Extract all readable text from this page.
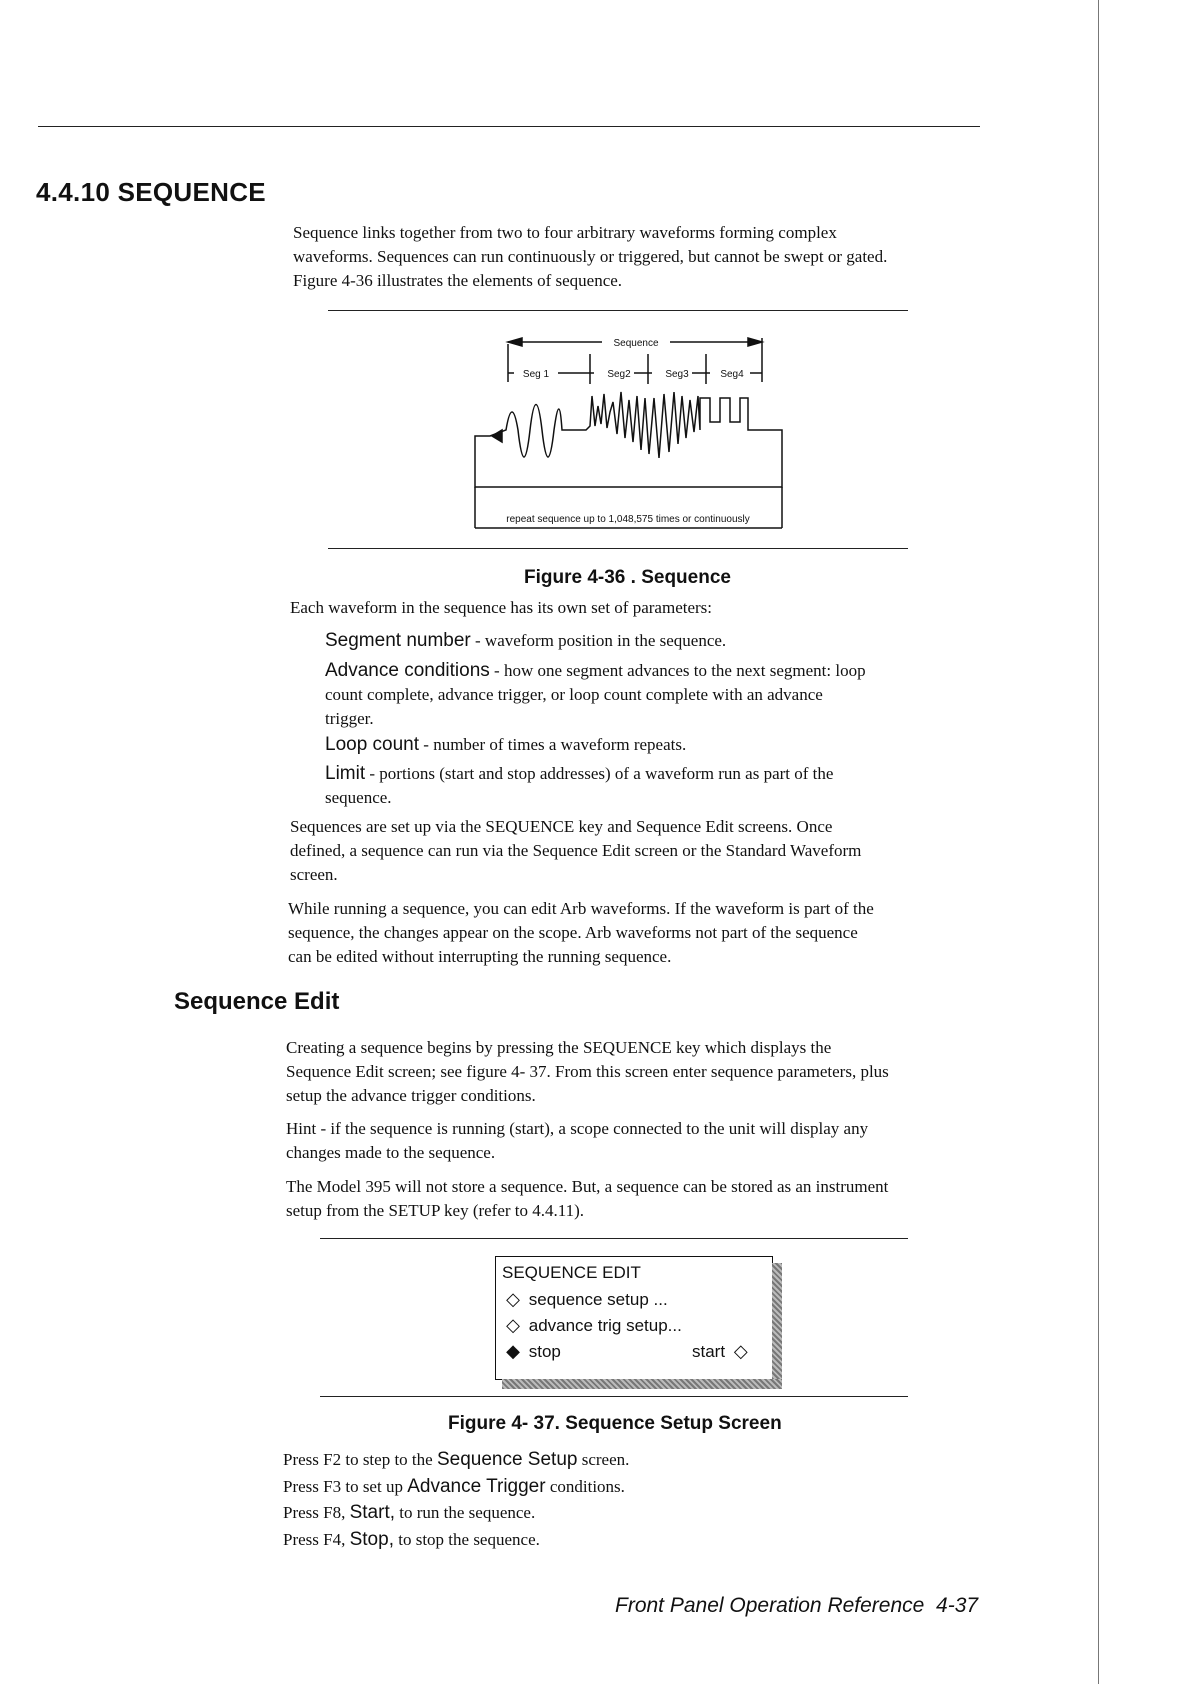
4.4.10 SEQUENCE
Sequence links together from two to four arbitrary waveforms forming complex
waveforms. Sequences can run continuously or triggered, but cannot be swept or gated.
Figure 4-36 illustrates the elements of sequence.
Sequence
Seg 1	Seg2	Seg3	Seg4
repeat sequence up to 1,048,575 times or continuously
Figure 4-36 . Sequence
Each waveform in the sequence has its own set of parameters:
Segment number - waveform position in the sequence.
Advance conditions - how one segment advances to the next segment: loop
count complete, advance trigger, or loop count complete with an advance
trigger.
Loop count - number of times a waveform repeats.
Limit - portions (start and stop addresses) of a waveform run as part of the
sequence.
Sequences are set up via the SEQUENCE key and Sequence Edit screens. Once
defined, a sequence can run via the Sequence Edit screen or the Standard Waveform
screen.
While running a sequence, you can edit Arb waveforms. If the waveform is part of the
sequence, the changes appear on the scope. Arb waveforms not part of the sequence
can be edited without interrupting the running sequence.
Sequence Edit
Creating a sequence begins by pressing the SEQUENCE key which displays the
Sequence Edit screen; see figure 4- 37. From this screen enter sequence parameters, plus
setup the advance trigger conditions.
Hint - if the sequence is running (start), a scope connected to the unit will display any
changes made to the sequence.
The Model 395 will not store a sequence. But, a sequence can be stored as an instrument
setup from the SETUP key (refer to 4.4.11).
SEQUENCE EDIT
◇ sequence setup ...
◇ advance trig setup...
◆ stop	start ◇
Figure 4- 37. Sequence Setup Screen
Press F2 to step to the Sequence Setup screen.
Press F3 to set up Advance Trigger conditions.
Press F8, Start, to run the sequence.
Press F4, Stop, to stop the sequence.
Front Panel Operation Reference 4-37
